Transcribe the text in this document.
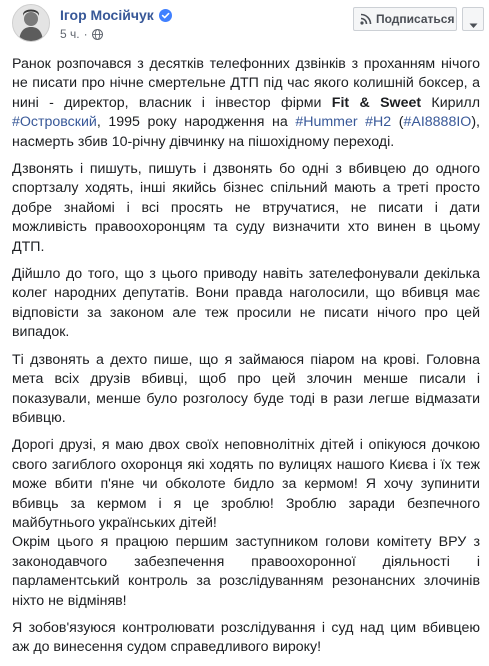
Ігор Мосійчук
5 ч. ·
Подписаться

Ранок розпочався з десятків телефонних дзвінків з проханням нічого не писати про нічне смертельне ДТП під час якого колишній боксер, а нині - директор, власник і інвестор фірми Fit & Sweet Кирилл #Островский, 1995 року народження на #Hummer #H2 (#AI8888IO), насмерть збив 10-річну дівчинку на пішохідному переході.

Дзвонять і пишуть, пишуть і дзвонять бо одні з вбивцею до одного спортзалу ходять, інші якийсь бізнес спільний мають а треті просто добре знайомі і всі просять не втручатися, не писати і дати можливість правоохоронцям та суду визначити хто винен в цьому ДТП.

Дійшло до того, що з цього приводу навіть зателефонували декілька колег народних депутатів. Вони правда наголосили, що вбивця має відповісти за законом але теж просили не писати нічого про цей випадок.

Ті дзвонять а дехто пише, що я займаюся піаром на крові. Головна мета всіх друзів вбивці, щоб про цей злочин менше писали і показували, менше було розголосу буде тоді в рази легше відмазати вбивцю.

Дорогі друзі, я маю двох своїх неповнолітніх дітей і опікуюся дочкою свого загиблого охоронця які ходять по вулицях нашого Києва і їх теж може вбити п'яне чи обколоте бидло за кермом! Я хочу зупинити вбивць за кермом і я це зроблю! Зроблю заради безпечного майбутнього українських дітей!

Окрім цього я працюю першим заступником голови комітету ВРУ з законодавчого забезпечення правоохоронної діяльності і парламентський контроль за розслідуванням резонансних злочинів ніхто не відміняв!

Я зобов'язуюся контролювати розслідування і суд над цим вбивцею аж до винесення судом справедливого вироку!
